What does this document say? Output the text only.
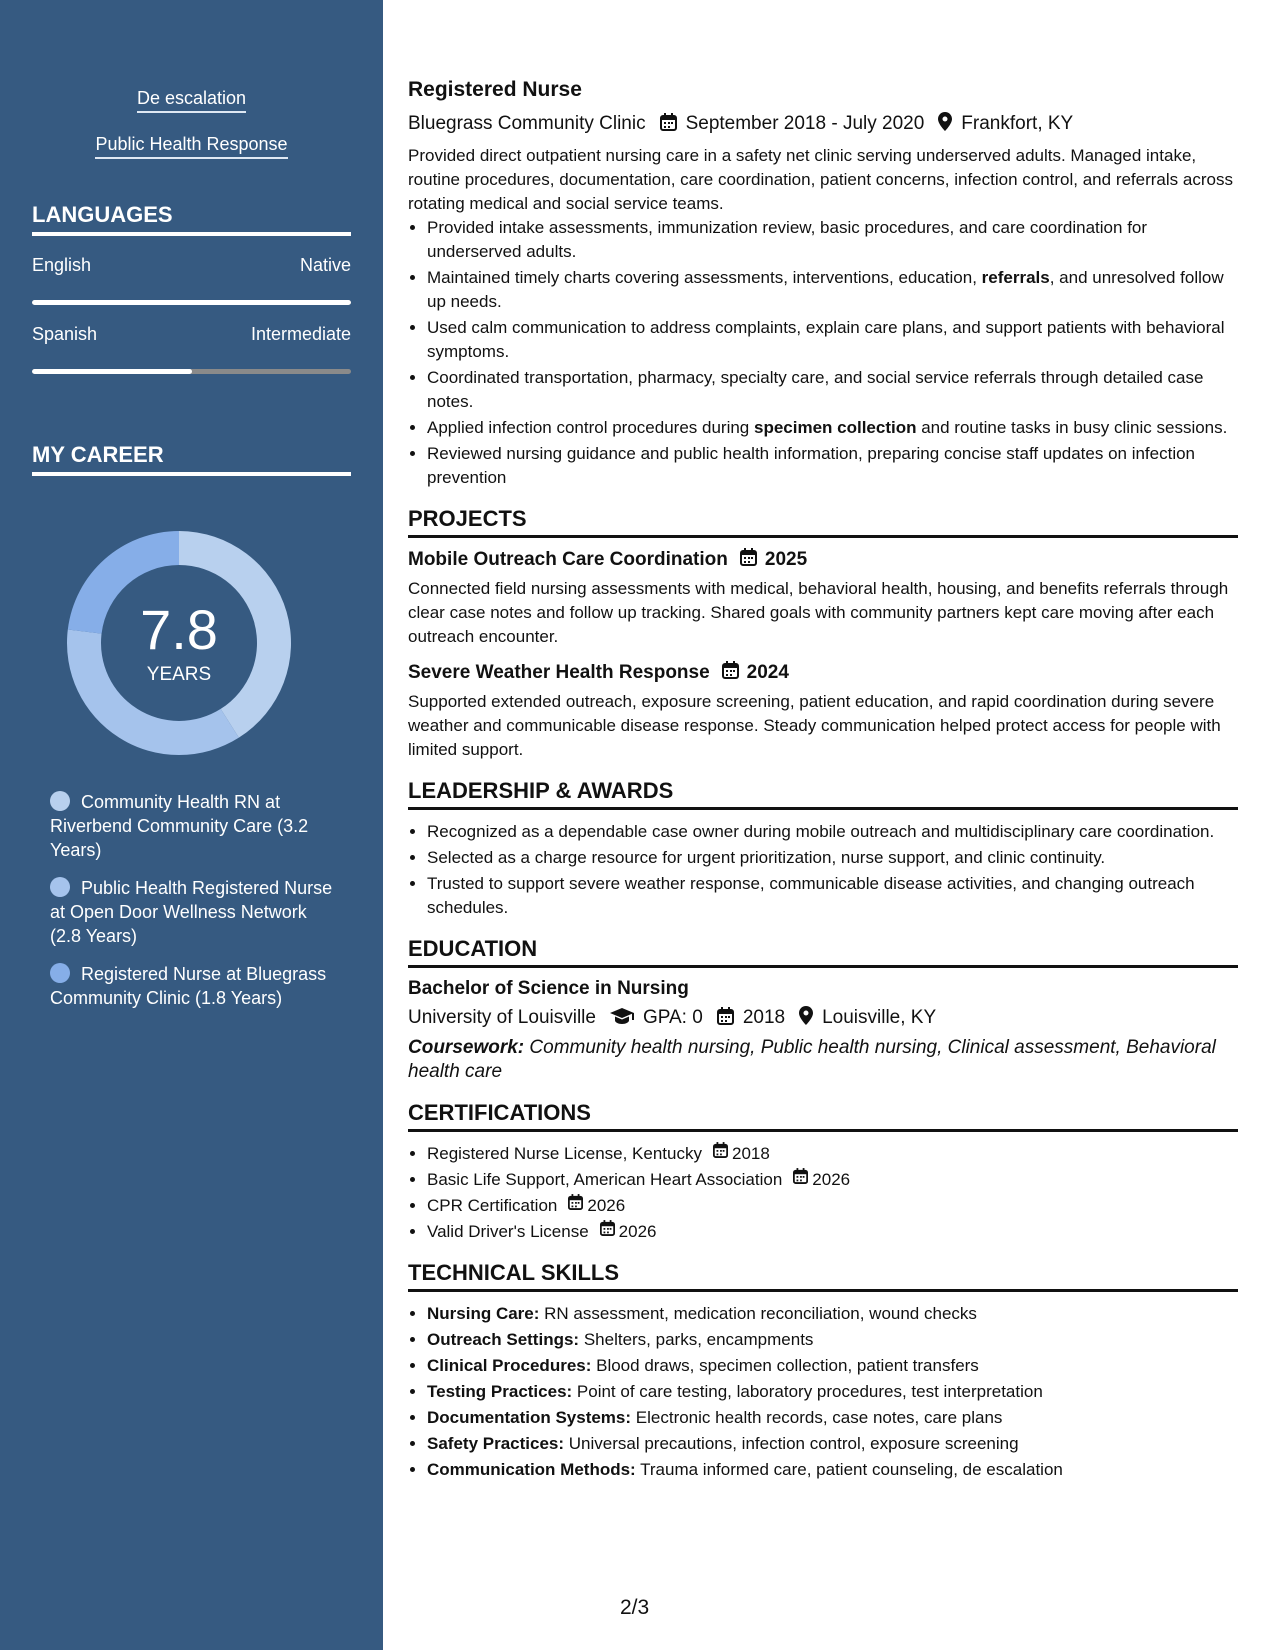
De escalation
Public Health Response
LANGUAGES
English	Native
Spanish	Intermediate
MY CAREER
7.8
YEARS
Community Health RN at Riverbend Community Care (3.2 Years)
Public Health Registered Nurse at Open Door Wellness Network (2.8 Years)
Registered Nurse at Bluegrass Community Clinic (1.8 Years)
Registered Nurse
Bluegrass Community Clinic September 2018 - July 2020 Frankfort, KY

Provided direct outpatient nursing care in a safety net clinic serving underserved adults. Managed intake, routine procedures, documentation, care coordination, patient concerns, infection control, and referrals across rotating medical and social service teams.

• Provided intake assessments, immunization review, basic procedures, and care coordination for underserved adults.
• Maintained timely charts covering assessments, interventions, education, referrals, and unresolved follow up needs.
• Used calm communication to address complaints, explain care plans, and support patients with behavioral symptoms.
• Coordinated transportation, pharmacy, specialty care, and social service referrals through detailed case notes.
• Applied infection control procedures during specimen collection and routine tasks in busy clinic sessions.
• Reviewed nursing guidance and public health information, preparing concise staff updates on infection prevention
PROJECTS
Mobile Outreach Care Coordination 2025
Connected field nursing assessments with medical, behavioral health, housing, and benefits referrals through clear case notes and follow up tracking. Shared goals with community partners kept care moving after each outreach encounter.
Severe Weather Health Response 2024
Supported extended outreach, exposure screening, patient education, and rapid coordination during severe weather and communicable disease response. Steady communication helped protect access for people with limited support.
LEADERSHIP & AWARDS
• Recognized as a dependable case owner during mobile outreach and multidisciplinary care coordination.
• Selected as a charge resource for urgent prioritization, nurse support, and clinic continuity.
• Trusted to support severe weather response, communicable disease activities, and changing outreach schedules.
EDUCATION
Bachelor of Science in Nursing
University of Louisville GPA: 0 2018 Louisville, KY
Coursework: Community health nursing, Public health nursing, Clinical assessment, Behavioral health care
CERTIFICATIONS
• Registered Nurse License, Kentucky 2018
• Basic Life Support, American Heart Association 2026
• CPR Certification 2026
• Valid Driver's License 2026
TECHNICAL SKILLS
• Nursing Care: RN assessment, medication reconciliation, wound checks
• Outreach Settings: Shelters, parks, encampments
• Clinical Procedures: Blood draws, specimen collection, patient transfers
• Testing Practices: Point of care testing, laboratory procedures, test interpretation
• Documentation Systems: Electronic health records, case notes, care plans
• Safety Practices: Universal precautions, infection control, exposure screening
• Communication Methods: Trauma informed care, patient counseling, de escalation
2/3
